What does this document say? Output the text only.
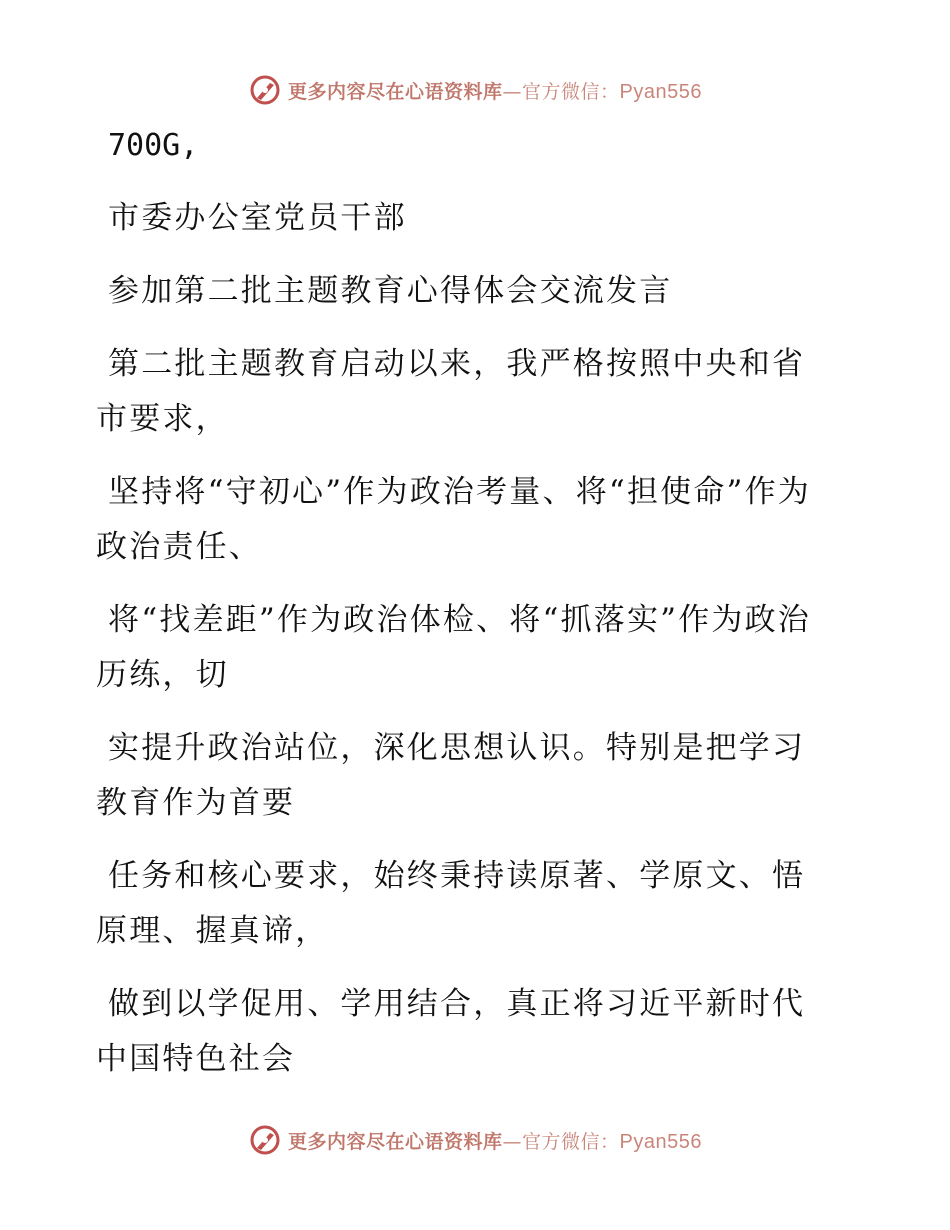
更多内容尽在心语资料库—官方微信：Pyan556

700G,

市委办公室党员干部

参加第二批主题教育心得体会交流发言

第二批主题教育启动以来，我严格按照中央和省市要求，

坚持将“守初心”作为政治考量、将“担使命”作为政治责任、

将“找差距”作为政治体检、将“抓落实”作为政治历练，切

实提升政治站位，深化思想认识。特别是把学习教育作为首要

任务和核心要求，始终秉持读原著、学原文、悟原理、握真谛，

做到以学促用、学用结合，真正将习近平新时代中国特色社会

更多内容尽在心语资料库—官方微信：Pyan556
